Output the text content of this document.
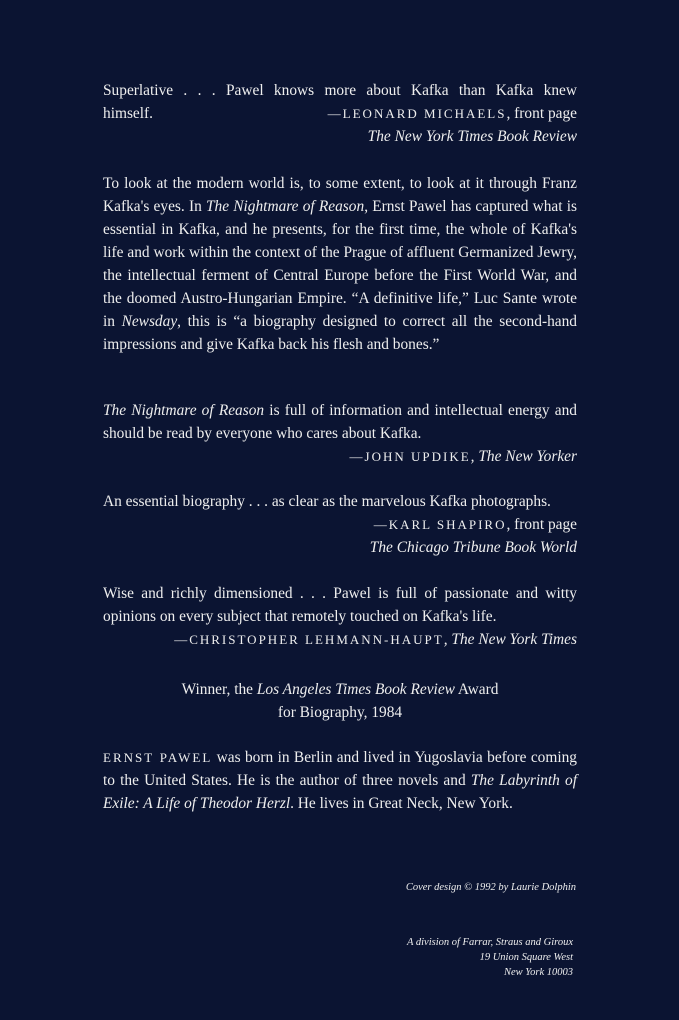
Superlative . . . Pawel knows more about Kafka than Kafka knew
himself.	—LEONARD MICHAELS, front page
The New York Times Book Review
To look at the modern world is, to some extent, to look at it through Franz Kafka's eyes. In The Nightmare of Reason, Ernst Pawel has captured what is essential in Kafka, and he presents, for the first time, the whole of Kafka's life and work within the context of the Prague of affluent Germanized Jewry, the intellectual ferment of Central Europe before the First World War, and the doomed Austro-Hungarian Empire. “A definitive life,” Luc Sante wrote in Newsday, this is “a biography designed to correct all the second-hand impressions and give Kafka back his flesh and bones.”
The Nightmare of Reason is full of information and intellectual energy and should be read by everyone who cares about Kafka.
—JOHN UPDIKE, The New Yorker
An essential biography . . . as clear as the marvelous Kafka photographs.
—KARL SHAPIRO, front page
The Chicago Tribune Book World
Wise and richly dimensioned . . . Pawel is full of passionate and witty opinions on every subject that remotely touched on Kafka's life.
—CHRISTOPHER LEHMANN-HAUPT, The New York Times
Winner, the Los Angeles Times Book Review Award
for Biography, 1984
ERNST PAWEL was born in Berlin and lived in Yugoslavia before coming to the United States. He is the author of three novels and The Labyrinth of Exile: A Life of Theodor Herzl. He lives in Great Neck, New York.
Cover design © 1992 by Laurie Dolphin
A division of Farrar, Straus and Giroux
19 Union Square West
New York 10003
